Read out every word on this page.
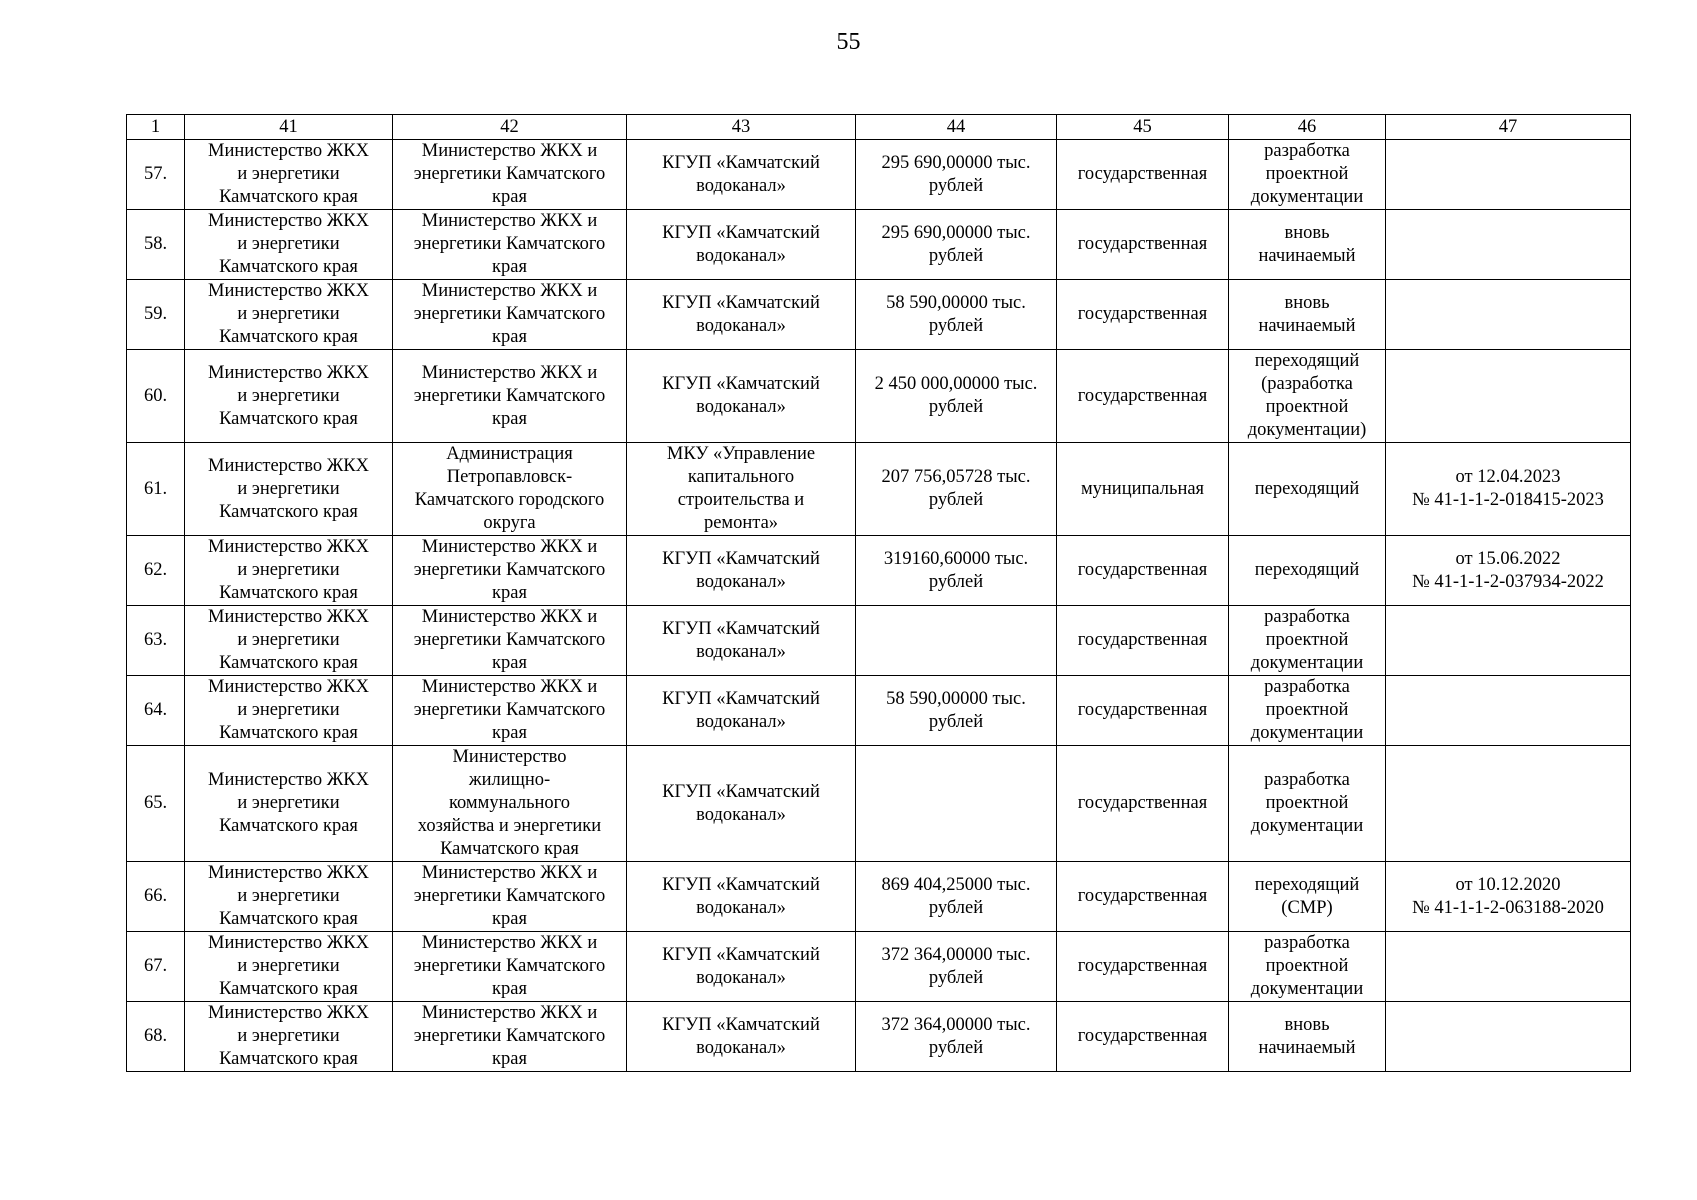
55
1	41	42	43	44	45	46	47

57.	Министерство ЖКХ
и энергетики
Камчатского края	Министерство ЖКХ и
энергетики Камчатского
края	КГУП «Камчатский
водоканал»	295 690,00000 тыс.
рублей	государственная	разработка
проектной
документации	

58.	Министерство ЖКХ
и энергетики
Камчатского края	Министерство ЖКХ и
энергетики Камчатского
края	КГУП «Камчатский
водоканал»	295 690,00000 тыс.
рублей	государственная	вновь
начинаемый	

59.	Министерство ЖКХ
и энергетики
Камчатского края	Министерство ЖКХ и
энергетики Камчатского
края	КГУП «Камчатский
водоканал»	58 590,00000 тыс.
рублей	государственная	вновь
начинаемый	

60.	Министерство ЖКХ
и энергетики
Камчатского края	Министерство ЖКХ и
энергетики Камчатского
края	КГУП «Камчатский
водоканал»	2 450 000,00000 тыс.
рублей	государственная	переходящий
(разработка
проектной
документации)	

61.	Министерство ЖКХ
и энергетики
Камчатского края	Администрация
Петропавловск-
Камчатского городского
округа	МКУ «Управление
капитального
строительства и
ремонта»	207 756,05728 тыс.
рублей	муниципальная	переходящий	от 12.04.2023
№ 41-1-1-2-018415-2023

62.	Министерство ЖКХ
и энергетики
Камчатского края	Министерство ЖКХ и
энергетики Камчатского
края	КГУП «Камчатский
водоканал»	319160,60000 тыс.
рублей	государственная	переходящий	от 15.06.2022
№ 41-1-1-2-037934-2022

63.	Министерство ЖКХ
и энергетики
Камчатского края	Министерство ЖКХ и
энергетики Камчатского
края	КГУП «Камчатский
водоканал»		государственная	разработка
проектной
документации	

64.	Министерство ЖКХ
и энергетики
Камчатского края	Министерство ЖКХ и
энергетики Камчатского
края	КГУП «Камчатский
водоканал»	58 590,00000 тыс.
рублей	государственная	разработка
проектной
документации	

65.	Министерство ЖКХ
и энергетики
Камчатского края	Министерство
жилищно-
коммунального
хозяйства и энергетики
Камчатского края	КГУП «Камчатский
водоканал»		государственная	разработка
проектной
документации	

66.	Министерство ЖКХ
и энергетики
Камчатского края	Министерство ЖКХ и
энергетики Камчатского
края	КГУП «Камчатский
водоканал»	869 404,25000 тыс.
рублей	государственная	переходящий
(СМР)	от 10.12.2020
№ 41-1-1-2-063188-2020

67.	Министерство ЖКХ
и энергетики
Камчатского края	Министерство ЖКХ и
энергетики Камчатского
края	КГУП «Камчатский
водоканал»	372 364,00000 тыс.
рублей	государственная	разработка
проектной
документации	

68.	Министерство ЖКХ
и энергетики
Камчатского края	Министерство ЖКХ и
энергетики Камчатского
края	КГУП «Камчатский
водоканал»	372 364,00000 тыс.
рублей	государственная	вновь
начинаемый	
